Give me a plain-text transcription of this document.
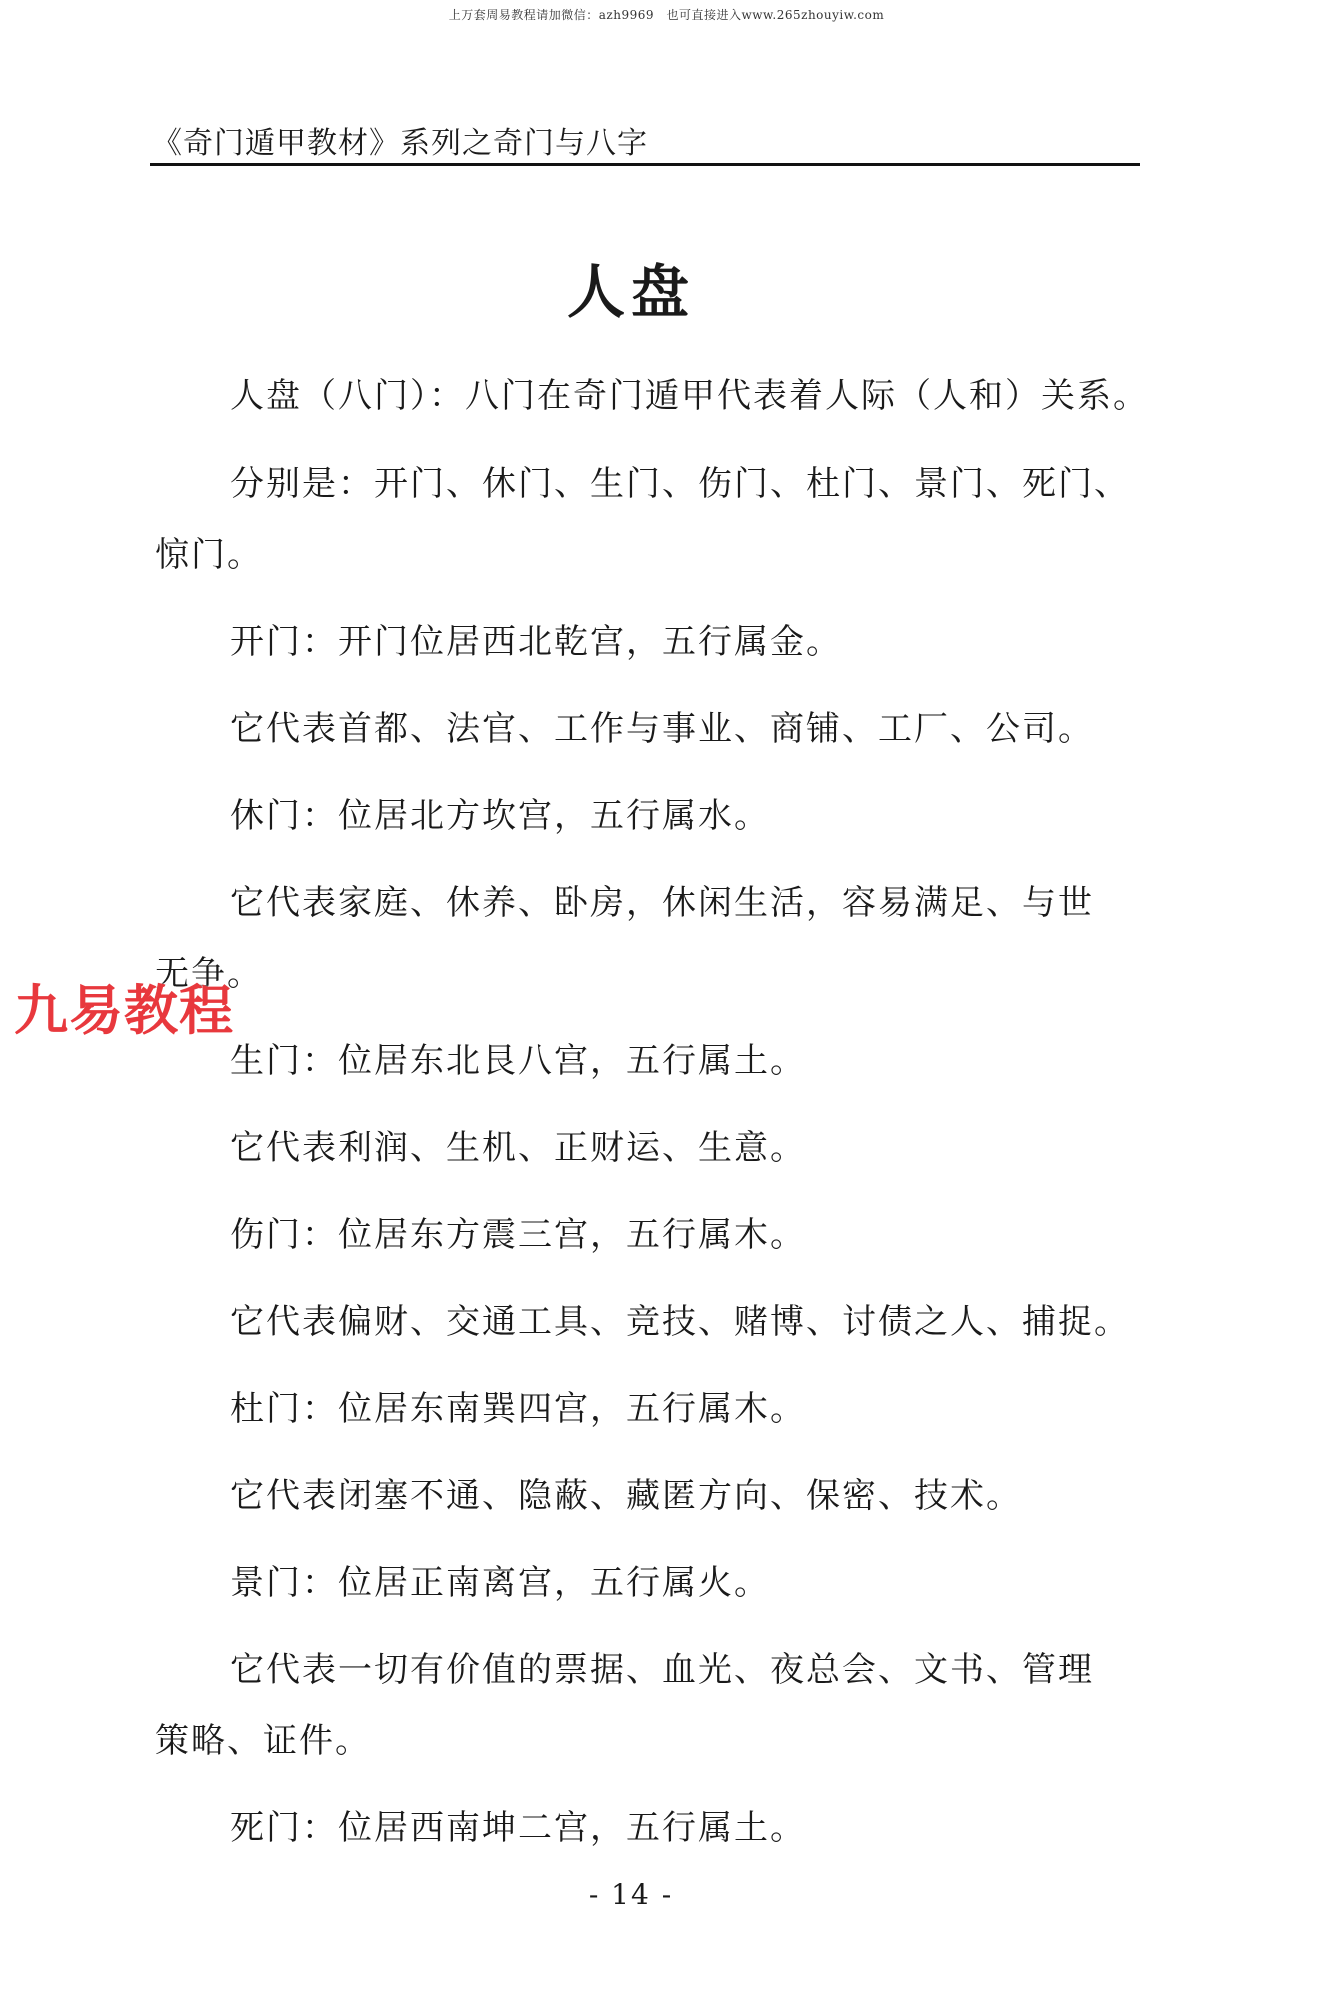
上万套周易教程请加微信：azh9969　也可直接进入www.265zhouyiw.com
《奇门遁甲教材》系列之奇门与八字
人盘
人盘（八门）：八门在奇门遁甲代表着人际（人和）关系。
分别是：开门、休门、生门、伤门、杜门、景门、死门、
惊门。
开门：开门位居西北乾宫，五行属金。
它代表首都、法官、工作与事业、商铺、工厂、公司。
休门：位居北方坎宫，五行属水。
它代表家庭、休养、卧房，休闲生活，容易满足、与世
无争。
九易教程
生门：位居东北艮八宫，五行属土。
它代表利润、生机、正财运、生意。
伤门：位居东方震三宫，五行属木。
它代表偏财、交通工具、竞技、赌博、讨债之人、捕捉。
杜门：位居东南巽四宫，五行属木。
它代表闭塞不通、隐蔽、藏匿方向、保密、技术。
景门：位居正南离宫，五行属火。
它代表一切有价值的票据、血光、夜总会、文书、管理
策略、证件。
死门：位居西南坤二宫，五行属土。
- 14 -
